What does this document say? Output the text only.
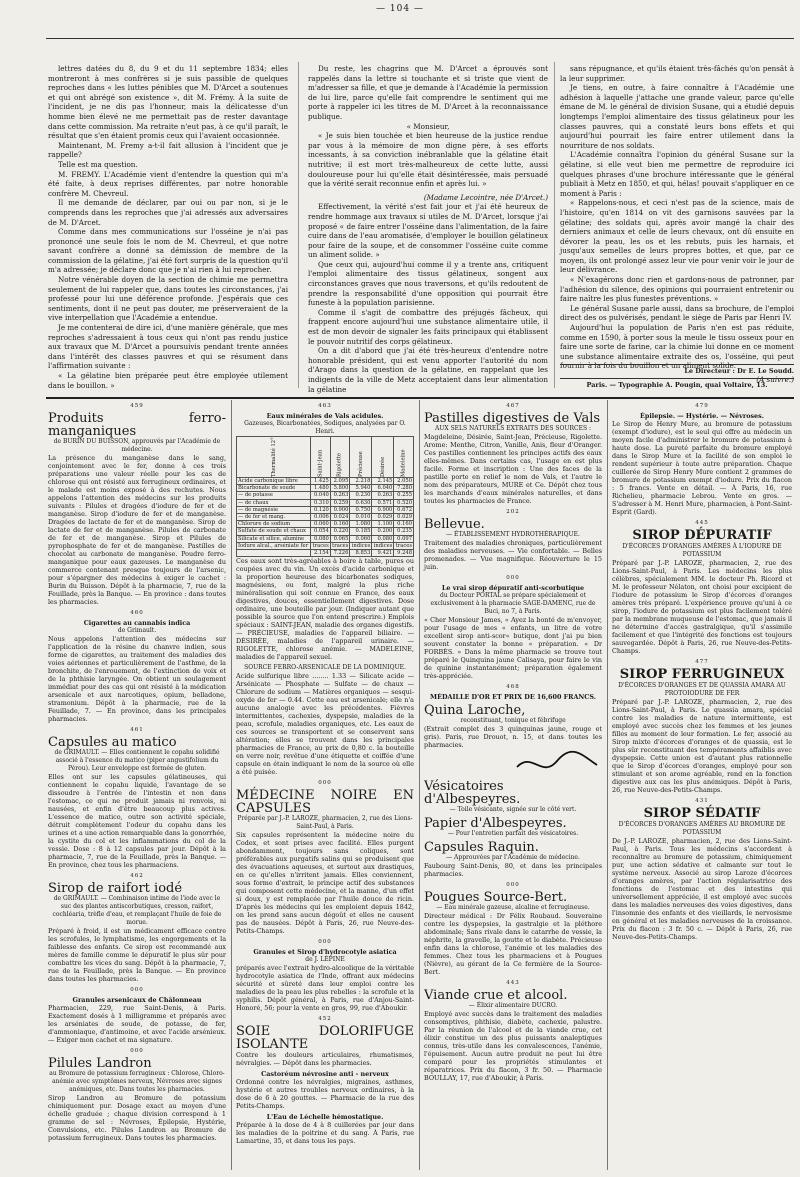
— 104 —

lettres datées du 8, du 9 et du 11 septembre 1834; elles montreront à mes confrères si je suis passible de quelques reproches dans « les luttes pénibles que M. D'Arcet a soutenues et qui ont abrégé son existence », dit M. Frémy. À la suite de l'incident, je ne dis pas l'honneur, mais la délicatesse d'un homme bien élevé ne me permettait pas de rester davantage dans cette commission. Ma retraite n'eut pas, à ce qu'il paraît, le résultat que s'en étaient promis ceux qui l'avaient occasionnée.

Maintenant, M. Fremy a-t-il fait allusion à l'incident que je rappelle?

Telle est ma question.

M. FREMY. L'Académie vient d'entendre la question qui m'a été faite, à deux reprises différentes, par notre honorable confrère M. Chevreul.

Il me demande de déclarer, par oui ou par non, si je le comprends dans les reproches que j'ai adressés aux adversaires de M. D'Arcet.

Comme dans mes communications sur l'osséine je n'ai pas prononcé une seule fois le nom de M. Chevreul, et que notre savant confrère a donné sa démission de membre de la commission de la gélatine, j'ai été fort surpris de la question qu'il m'a adressée; je déclare donc que je n'ai rien à lui reprocher.

Notre vénérable doyen de la section de chimie me permettra seulement de lui rappeler que, dans toutes les circonstances, j'ai professé pour lui une déférence profonde. J'espérais que ces sentiments, dont il ne peut pas douter, me préserveraient de la vive interpellation que l'Académie a entendue.

Je me contenterai de dire ici, d'une manière générale, que mes reproches s'adressaient à tous ceux qui n'ont pas rendu justice aux travaux que M. D'Arcet a poursuivis pendant trente années dans l'intérêt des classes pauvres et qui se résument dans l'affirmation suivante :

« La gélatine bien préparée peut être employée utilement dans le bouillon. »

Du reste, les chagrins que M. D'Arcet a éprouvés sont rappelés dans la lettre si touchante et si triste que vient de m'adresser sa fille, et que je demande à l'Académie la permission de lui lire, parce qu'elle fait comprendre le sentiment qui me porte à rappeler ici les titres de M. D'Arcet à la reconnaissance publique.

« Monsieur,

« Je suis bien touchée et bien heureuse de la justice rendue par vous à la mémoire de mon digne père, à ses efforts incessants, à sa conviction inébranlable que la gélatine était nutritive; il est mort très-malheureux de cette lutte, aussi douloureuse pour lui qu'elle était désintéressée, mais persuadé que la vérité serait reconnue enfin et après lui. »

(Madame Lecointre, née D'Arcet.)

Effectivement, la vérité s'est fait jour et j'ai été heureux de rendre hommage aux travaux si utiles de M. D'Arcet, lorsque j'ai proposé « de faire entrer l'osséine dans l'alimentation, de la faire cuire dans de l'eau aromatisée, d'employer le bouillon gélatineux pour faire de la soupe, et de consommer l'osséine cuite comme un aliment solide. »

Que ceux qui, aujourd'hui comme il y a trente ans, critiquent l'emploi alimentaire des tissus gélatineux, songent aux circonstances graves que nous traversons, et qu'ils redoutent de prendre la responsabilité d'une opposition qui pourrait être funeste à la population parisienne.

Comme il s'agit de combattre des préjugés fâcheux, qui frappent encore aujourd'hui une substance alimentaire utile, il est de mon devoir de signaler les faits principaux qui établissent le pouvoir nutritif des corps gélatineux.

On a dit d'abord que j'ai été très-heureux d'entendre notre honorable président, qui est venu apporter l'autorité du nom d'Arago dans la question de la gélatine, en rappelant que les indigents de la ville de Metz acceptaient dans leur alimentation la gélatine

sans répugnance, et qu'ils étaient très-fâchés qu'on pensât à la leur supprimer.

Je tiens, en outre, à faire connaître à l'Académie une adhésion à laquelle j'attache une grande valeur, parce qu'elle émane de M. le général de division Susane, qui a étudié depuis longtemps l'emploi alimentaire des tissus gélatineux pour les classes pauvres, qui a constaté leurs bons effets et qui aujourd'hui pourrait les faire entrer utilement dans la nourriture de nos soldats.

L'Académie connaîtra l'opinion du général Susane sur la gélatine, si elle veut bien me permettre de reproduire ici quelques phrases d'une brochure intéressante que le général publiait à Metz en 1850, et qui, hélas! pouvait s'appliquer en ce moment à Paris :

« Rappelons-nous, et ceci n'est pas de la science, mais de l'histoire, qu'en 1814 on vit des garnisons sauvées par la gélatine; des soldats qui, après avoir mangé la chair des derniers animaux et celle de leurs chevaux, ont dû ensuite en dévorer la peau, les os et les rebuts, puis les harnais, et jusqu'aux semelles de leurs propres bottes, et que, par ce moyen, ils ont prolongé assez leur vie pour venir voir le jour de leur délivrance.

« N'exagérons donc rien et gardons-nous de patronner, par l'adhésion du silence, des opinions qui pourraient entretenir ou faire naître les plus funestes préventions. »

Le général Susane parle aussi, dans sa brochure, de l'emploi direct des os pulvérisés, pendant le siège de Paris par Henri IV.

Aujourd'hui la population de Paris n'en est pas réduite, comme en 1590, à porter sous la meule le tissu osseux pour en faire une sorte de farine, car la chimie lui donne en ce moment une substance alimentaire extraite des os, l'osséine, qui peut fournir à la fois du bouillon et un aliment solide.

(A suivre.)

Le Directeur : Dr E. Le Soudd.
Paris. — Typographie A. Pougin, quai Voltaire, 13.
459
Produits ferro-manganiques

de BURIN DU BUISSON, approuvés par l'Académie de médecine.

La présence du manganèse dans le sang, conjointement avec le fer, donne à ces trois préparations une valeur réelle pour les cas de chlorose qui ont résisté aux ferrugineux ordinaires, et le malade est moins exposé à des rechutes. Nous appelons l'attention des médecins sur les produits suivants : Pilules et dragées d'iodure de fer et de manganèse. Sirop d'iodure de fer et de manganèse. Dragées de lactate de fer et de manganèse. Sirop de lactate de fer et de manganèse. Pilules de carbonate de fer et de manganèse. Sirop et Pilules de pyrophosphate de fer et de manganèse. Pastilles de chocolat au carbonate de manganèse. Poudre ferro-manganique pour eaux gazeuses. Le manganèse du commerce contenant presque toujours de l'arsenic, pour s'épargner des médecins à exiger le cachet : Burin du Buisson. Dépôt à la pharmacie, 7, rue de la Feuillade, près la Banque. — En province : dans toutes les pharmacies.

460
Cigarettes au cannabis indica

de Grimault.

Nous appelons l'attention des médecins sur l'application de la résine du chanvre indien, sous forme de cigarettes, au traitement des maladies des voies aériennes et particulièrement de l'asthme, de la bronchite, de l'enrouement, de l'extinction de voix et de la phthisie laryngée. On obtient un soulagement immédiat pour des cas qui ont résisté à la médication arsenicale et aux narcotiques, opium, belladone, stramonium. Dépôt à la pharmacie, rue de la Feuillade, 7. — En province, dans les principales pharmacies.

461
Capsules au matico

de GRIMAULT. — Elles contiennent le copahu solidifié associé à l'essence du matico (piper angustifolium du Pérou). Leur enveloppe est formée de gluten.

Elles ont sur les capsules gélatineuses, qui contiennent le copahu liquide, l'avantage de se dissoudre à l'entrée de l'intestin et non dans l'estomac, ce qui ne produit jamais ni renvois, ni nausées, et enfin d'être beaucoup plus actives. L'essence de matico, outre son activité spéciale, détruit complètement l'odeur du copahu dans les urines et a une action remarquable dans la gonorrhée, la cystite du col et les inflammations du col de la vessie. Dose : 8 à 12 capsules par jour. Dépôt à la pharmacie, 7, rue de la Feuillade, près la Banque. — En province, chez tous les pharmaciens.

462
Sirop de raifort iodé

de GRIMAULT. — Combinaison intime de l'iode avec le suc des plantes antiscorbutiques, cresson, raifort, cochléaria, trèfle d'eau, et remplaçant l'huile de foie de morue.

Préparé à froid, il est un médicament efficace contre les scrofules, le lymphatisme, les engorgements et la faiblesse des enfants. Ce sirop est recommandé aux mères de famille comme le dépuratif le plus sûr pour combattre les vices du sang. Dépôt à la pharmacie, 7, rue de la Feuillade, près la Banque. — En province dans toutes les pharmacies.

000
Granules arsenicaux de Châlonneau

Pharmacien, 229, rue Saint-Denis, à Paris. Exactement dosés à 1 milligramme et préparés avec les arséniates de soude, de potasse, de fer, d'ammoniaque, d'antimoine, et avec l'acide arsénieux. — Exiger mon cachet et ma signature.

000
Pilules Landron

au Bromure de potassium ferrugineux : Chlorose, Chloro-anémie avec symptômes nerveux, Névroses avec signes anémiques, etc. Dans toutes les pharmacies.

Sirop Landron au Bromure de potassium chimiquement pur. Dosage exact au moyen d'une échelle graduée ; chaque division correspond à 1 gramme de sel : Névroses, Épilepsie, Hystérie, Convulsions, etc. Pilules Landron au Bromure de potassium ferrugineux. Dans toutes les pharmacies.

463
Eaux minérales de Vals acidules.

Gazeuses, Bicarbonatées, Sodiques, analysées par O. Henri.

Thermalité 12°	Saint-Jean	Rigolette	Précieuse	Désirée	Madeleine
Acide carbonique libre	1.425	2.095	2.218	2.145	2.050
Bicarbonate de soude	1.480	5.800	5.940	6.040	7.280
— de potasse	0.040	0.263	0.230	0.263	0.255
— de chaux	0.310	0.259	0.630	0.571	0.520
— de magnésie	0.120	0.900	0.750	0.900	0.672
— de fer et mang.	0.006	0.024	0.010	0.029	0.029
Chlorure de sodium	0.060	0.160	1.080	1.100	0.160
Sulfate de soude et chaux	0.054	0.220	0.185	0.200	0.235
Silicate et silice, alumine	0.080	0.065	0.060	0.080	0.097
Iodure alcal., arséniate fer	traces	traces	indices	indices	traces
	2.154	7.226	8.853	9.421	9.248

Ces eaux sont très-agréables à boire à table, pures ou coupées avec du vin. Un excès d'acide carbonique et la proportion heureuse des bicarbonates sodiques, magnésiens, ou font, malgré la plus riche minéralisation qui soit connue en France, des eaux digestives, douces, essentiellement digestives. Dose ordinaire, une bouteille par jour. (Indiquer autant que possible la source que l'on entend prescrire.) Emplois spéciaux : SAINT-JEAN, maladie des organes digestifs. — PRÉCIEUSE, maladies de l'appareil biliaire. — DÉSIRÉE, maladies de l'appareil urinaire. — RIGOLETTE, chlorose anémie. — MADELEINE, maladies de l'appareil sexuel.

SOURCE FERRO-ARSENICALE DE LA DOMINIQUE.

Acide sulfurique libre ........ 1.33 — Silicate acide — Arsénicate — Phosphate — Sulfate — de chaux — Chlorure de sodium — Matières organiques — sesqui-oxyde de fer — 0.44. Cette eau est arsenicale; elle n'a aucune analogie avec les précédentes. Fièvres intermittentes, cachexies, dyspepsie, maladies de la peau, scrofule, maladies organiques, etc. Les eaux de ces sources se transportent et se conservent sans altération; elles se trouvent dans les principales pharmacies de France, au prix de 0,80 c. la bouteille en verre noir, revêtue d'une étiquette et coiffée d'une capsule en étain indiquant le nom de la source où elle a été puisée.

000
MÉDECINE NOIRE EN CAPSULES

Préparée par J.-P. LAROZE, pharmacien, 2, rue des Lions-Saint-Paul, à Paris.

Six capsules représentent la médecine noire du Codex, et sont prises avec facilité. Elles purgent abondamment, toujours sans coliques, sont préférables aux purgatifs salins qui se produisent que des évacuations aqueuses, et surtout aux drastiques, en ce qu'elles n'irritent jamais. Elles conviennent, sous forme d'extrait, le principe actif des substances qui composent cette médecine, et la manne, d'un effet si doux, y est remplacée par l'huile douce de ricin. D'après les médecins qui les emploient depuis 1842, on les prend sans aucun dégoût et elles ne causent pas de nausées. Dépôt à Paris, 26, rue Neuve-des-Petits-Champs.

000
Granules et Sirop d'hydrocotyle asiatica

de J. LÉPINE

préparés avec l'extrait hydro-alcoolique de la véritable hydrocotyle asiatica de l'Inde, offrant aux médecins sécurité et sûreté dans leur emploi contre les maladies de la peau les plus rebelles : la scrofule et la syphilis. Dépôt général, à Paris, rue d'Anjou-Saint-Honoré, 56; pour la vente en gros, 99, rue d'Aboukir.

452
SOIE DOLORIFUGE ISOLANTE

Contre les douleurs articulaires, rhumatismes, névralgies. — Dépôt dans les pharmacies.

Castoréum névrosine anti - nerveux

Ordonné contre les névralgies, migraines, asthmes, hystérie et autres troubles nerveux ordinaires, à la dose de 6 à 20 gouttes. — Pharmacie de la rue des Petits-Champs.

L'Eau de Léchelle hémostatique.

Préparée à la dose de 4 à 8 cuillerées par jour dans les maladies de la poitrine et du sang. À Paris, rue Lamartine, 35, et dans tous les pays.

467
Pastilles digestives de Vals

AUX SELS NATURELS EXTRAITS DES SOURCES :

Magdeleine, Désirée, Saint-Jean, Précieuse, Rigolette. Arome: Menthe, Citron, Vanille, Anis, fleur d'Oranger. Ces pastilles contiennent les principes actifs des eaux elles-mêmes. Dans certains cas, l'usage en est plus facile. Forme et inscription : Une des faces de la pastille porte en relief le nom de Vals, et l'autre le nom des préparateurs, MURE et Ce. Dépôt chez tous les marchands d'eaux minérales naturelles, et dans toutes les pharmacies de France.

202
Bellevue.

— ÉTABLISSEMENT HYDROTHÉRAPIQUE.

Traitement des maladies chroniques, particulièrement des maladies nerveuses. — Vie confortable. — Belles promenades. — Vue magnifique. Réouverture le 15 juin.

000
Le vrai sirop dépuratif anti-scorbutique

du Docteur PORTAL se prépare spécialement et exclusivement à la pharmacie SAGE-DAMENC, rue de Buci, no 7, à Paris.

« Cher Monsieur James, « Ayez la bonté de m'envoyer, pour l'usage de mes « enfants, un litre de votre excellent sirop anti-scor« butique, dont j'ai pu bien souvent constater la bonne « préparation. « Dr FORBÈS. » Dans la même pharmacie se trouve tout préparé le Quinquina jaune Calisaya, pour faire le vin de quinine instantanément; préparation également très-appréciée.

468
MÉDAILLE D'OR ET PRIX DE 16,600 FRANCS.
Quina Laroche,

reconstituant, tonique et fébrifuge

(Extrait complet des 3 quinquinas jaune, rouge et gris). Paris, rue Drouot, n. 15, et dans toutes les pharmacies.

Vésicatoires d'Albespeyres.

— Toile vésicante, signée sur le côté vert.

Papier d'Albespeyres.

— Pour l'entretien parfait des vésicatoires.

Capsules Raquin.

— Approuvées par l'Académie de médecine.

Faubourg Saint-Denis, 80, et dans les principales pharmacies.

000
Pougues Source-Bert.

— Eau minérale gazeuse, alcaline et ferrugineuse.

Directeur médical : Dr Félix Roubaud. Souveraine contre les dyspepsies, la gastralgie et la pléthore abdominale; Sans rivale dans le catarrhe de vessie, la néphrite, la gravelle, la goutte et le diabète. Précieuse enfin dans la chlorose, l'anémie et les maladies des femmes. Chez tous les pharmaciens et à Pougues (Nièvre), au gérant de la Ce fermière de la Source-Bert.

443
Viande crue et alcool.

— Élixir alimentaire DUCRO.

Employé avec succès dans le traitement des maladies consomptives, phthisie, diabète, cachexie, palustre. Par la réunion de l'alcool et de la viande crue, cet élixir constitue un des plus puissants analeptiques connus, très-utile dans les convalescences, l'anémie, l'épuisement. Aucun autre produit ne peut lui être comparé pour les propriétés stimulantes et réparatrices. Prix du flacon, 3 fr. 50. — Pharmacie BOULLAY, 17, rue d'Aboukir, à Paris.

479
Épilepsie. — Hystérie. — Névroses.

Le Sirop de Henry Mure, au bromure de potassium (exempt d'iodure), est le seul qui offre au médecin un moyen facile d'administrer le bromure de potassium à haute dose. La pureté parfaite du bromure employé dans le Sirop Mure et la facilité de son emploi le rendent supérieur à toute autre préparation. Chaque cuillerée de Sirop Henry Mure contient 2 grammes de bromure de potassium exempt d'iodure. Prix du flacon : 5 francs. Vente en détail. — À Paris, 16, rue Richelieu, pharmacie Lebrou. Vente en gros. — S'adresser à M. Henri Mure, pharmacien, à Pont-Saint-Esprit (Gard).

445
SIROP DÉPURATIF

D'ÉCORCES D'ORANGES AMÈRES À L'IODURE DE POTASSIUM

Préparé par J.-P. LAROZE, pharmacien, 2, rue des Lions-Saint-Paul, à Paris. Les médecins les plus célèbres, spécialement MM. le docteur Ph. Ricord et M. le professeur Nélaton, ont choisi pour excipient de l'iodure de potassium le Sirop d'écorces d'oranges amères très préparé. L'expérience prouve qu'uni à ce sirop, l'iodure de potassium est plus facilement toléré par la membrane muqueuse de l'estomac, que jamais il ne détermine d'accès gastralgique, qu'il s'assimile facilement et que l'intégrité des fonctions est toujours sauvegardée. Dépôt à Paris, 26, rue Neuve-des-Petits-Champs.

477
SIROP FERRUGINEUX

D'ÉCORCES D'ORANGES ET DE QUASSIA AMARA AU PROTOIODURE DE FER

Préparé par J.-P. LAROZE, pharmacien, 2, rue des Lions-Saint-Paul, à Paris. Le quassia amara, spécial contre les maladies de nature intermittente, est employé avec succès chez les femmes et les jeunes filles au moment de leur formation. Le fer, associé au Sirop mixte d'écorces d'oranges et de quassia, est le plus sûr reconstituant des tempéraments affaiblis avec dyspepsie. Cette union est d'autant plus rationnelle que le Sirop d'écorces d'oranges, employé pour son stimulant et son arome agréable, rend en la fonction digestive aux cas les plus anémiques. Dépôt à Paris, 26, rue Neuve-des-Petits-Champs.

431
SIROP SÉDATIF

D'ÉCORCES D'ORANGES AMÈRES AU BROMURE DE POTASSIUM

De J.-P. LAROZE, pharmacien, 2, rue des Lions-Saint-Paul, à Paris. Tous les médecins s'accordent à reconnaître au bromure de potassium, chimiquement pur, une action sédative et calmante sur tout le système nerveux. Associé au sirop Laroze d'écorces d'oranges amères, par l'action régularisatrice des fonctions de l'estomac et des intestins qui universellement appréciée, il est employé avec succès dans les maladies nerveuses des voies digestives, dans l'insomnie des enfants et des vieillards, le nervosisme en général et les maladies nerveuses de la croissance. Prix du flacon : 3 fr. 50 c. — Dépôt à Paris, 26, rue Neuve-des-Petits-Champs.
